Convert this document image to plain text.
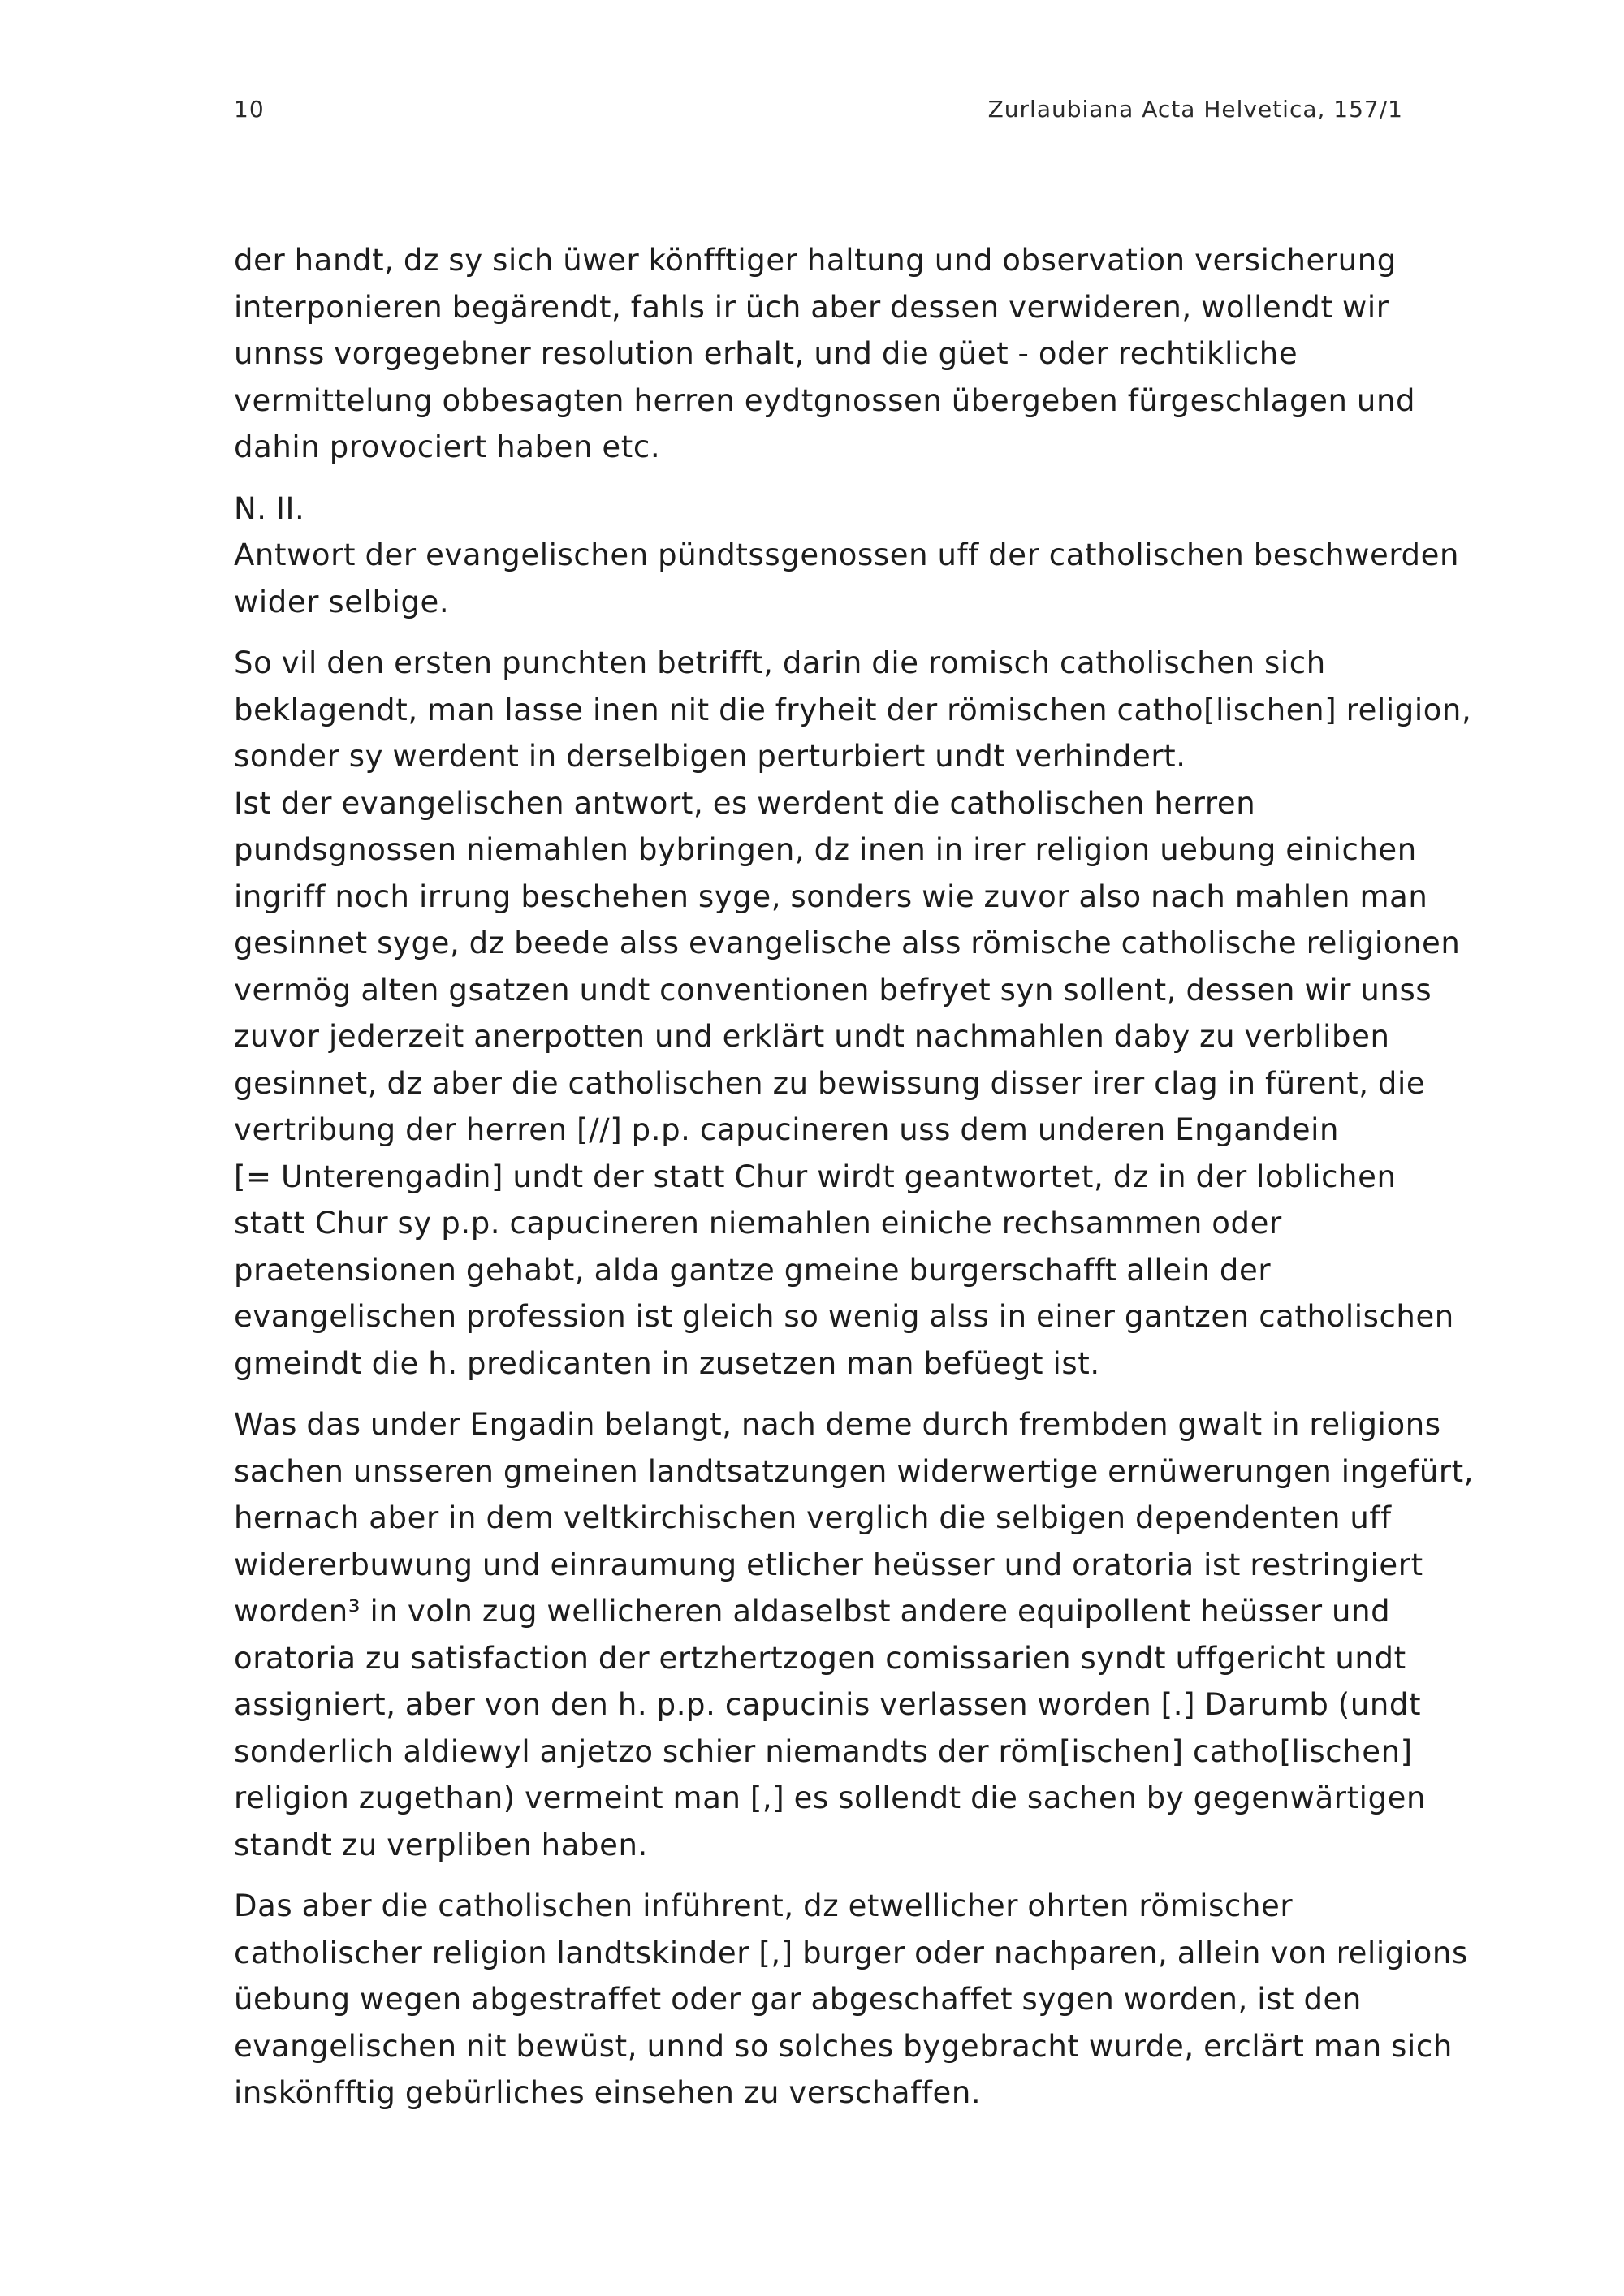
10	Zurlaubiana Acta Helvetica, 157/1
der handt, dz sy sich üwer könfftiger haltung und observation versicherung
interponieren begärendt, fahls ir üch aber dessen verwideren, wollendt wir
unnss vorgegebner resolution erhalt, und die güet - oder rechtikliche
vermittelung obbesagten herren eydtgnossen übergeben fürgeschlagen und
dahin provociert haben etc.
N. II.
Antwort der evangelischen pündtssgenossen uff der catholischen beschwerden
wider selbige.
So vil den ersten punchten betrifft, darin die romisch catholischen sich
beklagendt, man lasse inen nit die fryheit der römischen catho[lischen] religion,
sonder sy werdent in derselbigen perturbiert undt verhindert.
Ist der evangelischen antwort, es werdent die catholischen herren
pundsgnossen niemahlen bybringen, dz inen in irer religion uebung einichen
ingriff noch irrung beschehen syge, sonders wie zuvor also nach mahlen man
gesinnet syge, dz beede alss evangelische alss römische catholische religionen
vermög alten gsatzen undt conventionen befryet syn sollent, dessen wir unss
zuvor jederzeit anerpotten und erklärt undt nachmahlen daby zu verbliben
gesinnet, dz aber die catholischen zu bewissung disser irer clag in fürent, die
vertribung der herren [//] p.p. capucineren uss dem underen Engandein
[= Unterengadin] undt der statt Chur wirdt geantwortet, dz in der loblichen
statt Chur sy p.p. capucineren niemahlen einiche rechsammen oder
praetensionen gehabt, alda gantze gmeine burgerschafft allein der
evangelischen profession ist gleich so wenig alss in einer gantzen catholischen
gmeindt die h. predicanten in zusetzen man befüegt ist.
Was das under Engadin belangt, nach deme durch frembden gwalt in religions
sachen unsseren gmeinen landtsatzungen widerwertige ernüwerungen ingefürt,
hernach aber in dem veltkirchischen verglich die selbigen dependenten uff
widererbuwung und einraumung etlicher heüsser und oratoria ist restringiert
worden³ in voln zug wellicheren aldaselbst andere equipollent heüsser und
oratoria zu satisfaction der ertzhertzogen comissarien syndt uffgericht undt
assigniert, aber von den h. p.p. capucinis verlassen worden [.] Darumb (undt
sonderlich aldiewyl anjetzo schier niemandts der röm[ischen] catho[lischen]
religion zugethan) vermeint man [,] es sollendt die sachen by gegenwärtigen
standt zu verpliben haben.
Das aber die catholischen inführent, dz etwellicher ohrten römischer
catholischer religion landtskinder [,] burger oder nachparen, allein von religions
üebung wegen abgestraffet oder gar abgeschaffet sygen worden, ist den
evangelischen nit bewüst, unnd so solches bygebracht wurde, erclärt man sich
inskönfftig gebürliches einsehen zu verschaffen.
